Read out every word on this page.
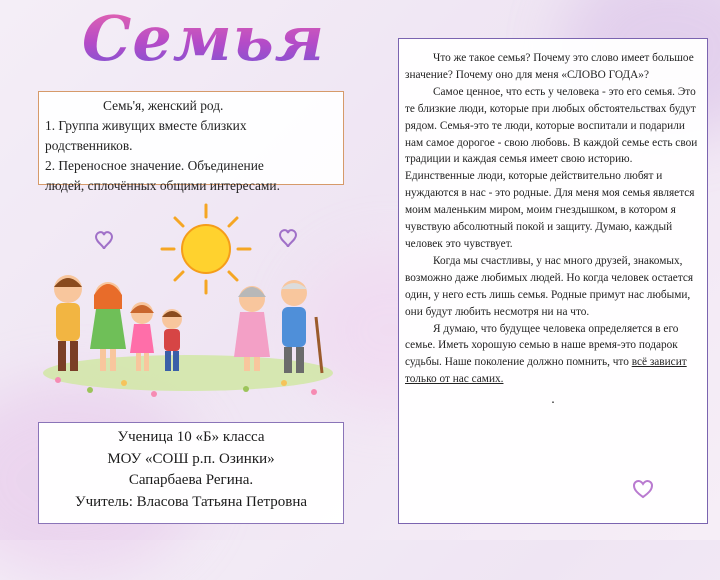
Семья
Семь'я, женский род.
1. Группа живущих вместе близких
родственников.
2. Переносное значение. Объединение
людей, сплочённых общими интересами.
Ученица 10 «Б» класса
МОУ «СОШ р.п. Озинки»
Сапарбаева Регина.
Учитель: Власова Татьяна Петровна

Что же такое семья? Почему это слово имеет большое значение? Почему оно для меня «СЛОВО ГОДА»?

Самое ценное, что есть у человека - это его семья. Это те близкие люди, которые при любых обстоятельствах будут рядом. Семья-это те люди, которые воспитали и подарили нам самое дорогое - свою любовь. В каждой семье есть свои традиции и каждая семья имеет свою историю. Единственные люди, которые действительно любят и нуждаются в нас - это родные. Для меня моя семья является моим маленьким миром, моим гнездышком, в котором я чувствую абсолютный покой и защиту. Думаю, каждый человек это чувствует.

Когда мы счастливы, у нас много друзей, знакомых, возможно даже любимых людей. Но когда человек остается один, у него есть лишь семья. Родные примут нас любыми, они будут любить несмотря ни на что.

Я думаю, что будущее человека определяется в его семье. Иметь хорошую семью в наше время-это подарок судьбы. Наше поколение должно помнить, что всё зависит только от нас самих.

.
